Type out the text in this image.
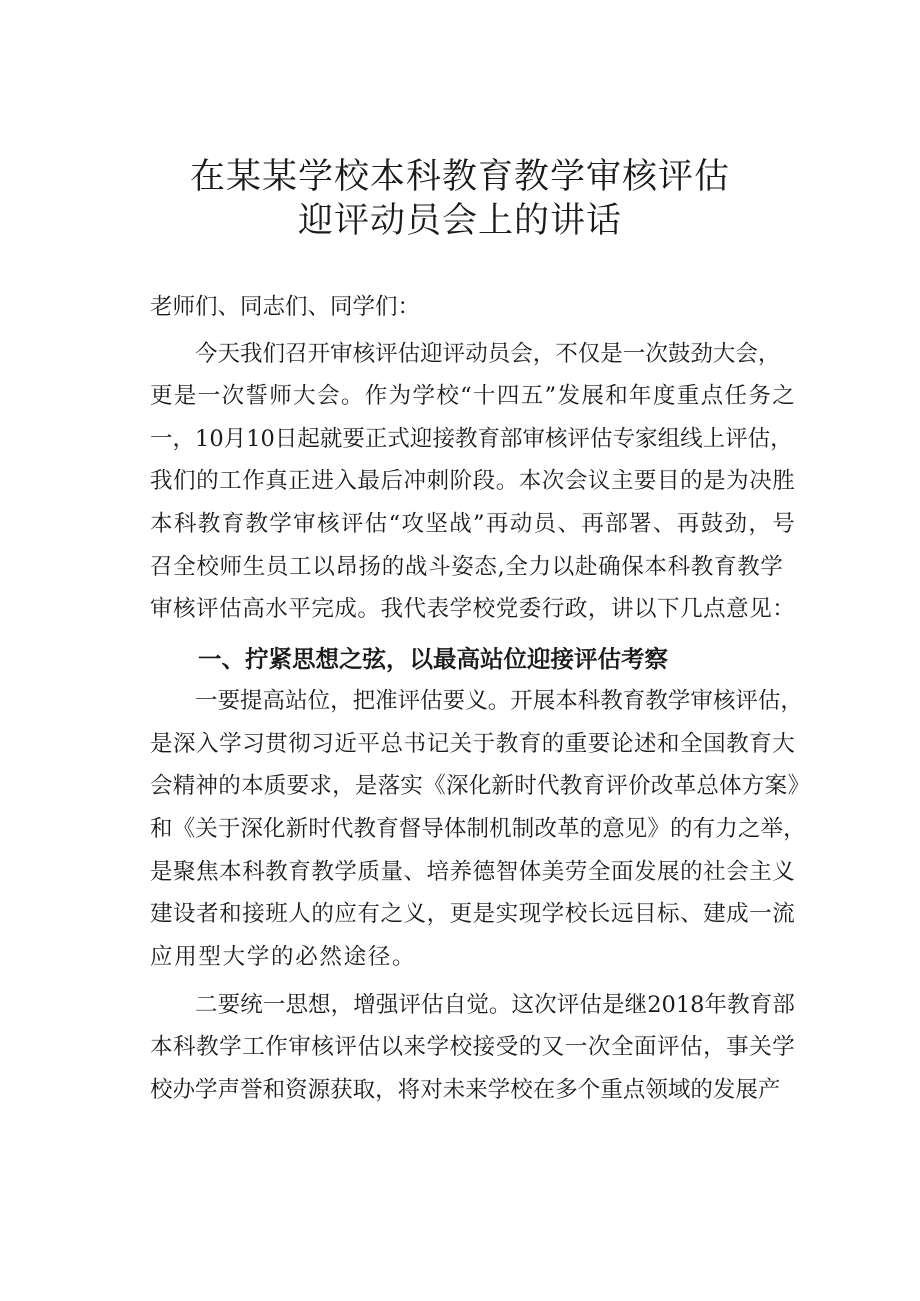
在某某学校本科教育教学审核评估
迎评动员会上的讲话
老师们、同志们、同学们：
今 天 我 们 召 开 审 核 评 估 迎 评 动 员 会 ， 不 仅 是 一 次 鼓 劲 大 会 ，
更 是 一 次 誓 师 大 会 。 作 为 学 校 “ 十 四 五 ” 发 展 和 年 度 重 点 任 务 之
一 ， 10 月 10 日 起 就 要 正 式 迎 接 教 育 部 审 核 评 估 专 家 组 线 上 评 估 ，
我 们 的 工 作 真 正 进 入 最 后 冲 刺 阶 段 。 本 次 会 议 主 要 目 的 是 为 决 胜
本 科 教 育 教 学 审 核 评 估 “ 攻 坚 战 ” 再 动 员 、 再 部 署 、 再 鼓 劲 ， 号
召 全 校 师 生 员 工 以 昂 扬 的 战 斗 姿 态 , 全 力 以 赴 确 保 本 科 教 育 教 学
审 核 评 估 高 水 平 完 成 。 我 代 表 学 校 党 委 行 政 ， 讲 以 下 几 点 意 见 ：
一、拧紧思想之弦，以最高站位迎接评估考察
一 要 提 高 站 位 ， 把 准 评 估 要 义 。 开 展 本 科 教 育 教 学 审 核 评 估 ，
是 深 入 学 习 贯 彻 习 近 平 总 书 记 关 于 教 育 的 重 要 论 述 和 全 国 教 育 大
会 精 神 的 本 质 要 求 ， 是 落 实 《 深 化 新 时 代 教 育 评 价 改 革 总 体 方 案 》
和 《 关 于 深 化 新 时 代 教 育 督 导 体 制 机 制 改 革 的 意 见 》 的 有 力 之 举 ，
是 聚 焦 本 科 教 育 教 学 质 量 、 培 养 德 智 体 美 劳 全 面 发 展 的 社 会 主 义
建 设 者 和 接 班 人 的 应 有 之 义 ， 更 是 实 现 学 校 长 远 目 标 、 建 成 一 流
应用型大学的必然途径。
二 要 统 一 思 想 ， 增 强 评 估 自 觉 。 这 次 评 估 是 继 2018 年 教 育 部
本 科 教 学 工 作 审 核 评 估 以 来 学 校 接 受 的 又 一 次 全 面 评 估 ， 事 关 学
校 办 学 声 誉 和 资 源 获 取 ， 将 对 未 来 学 校 在 多 个 重 点 领 域 的 发 展 产
